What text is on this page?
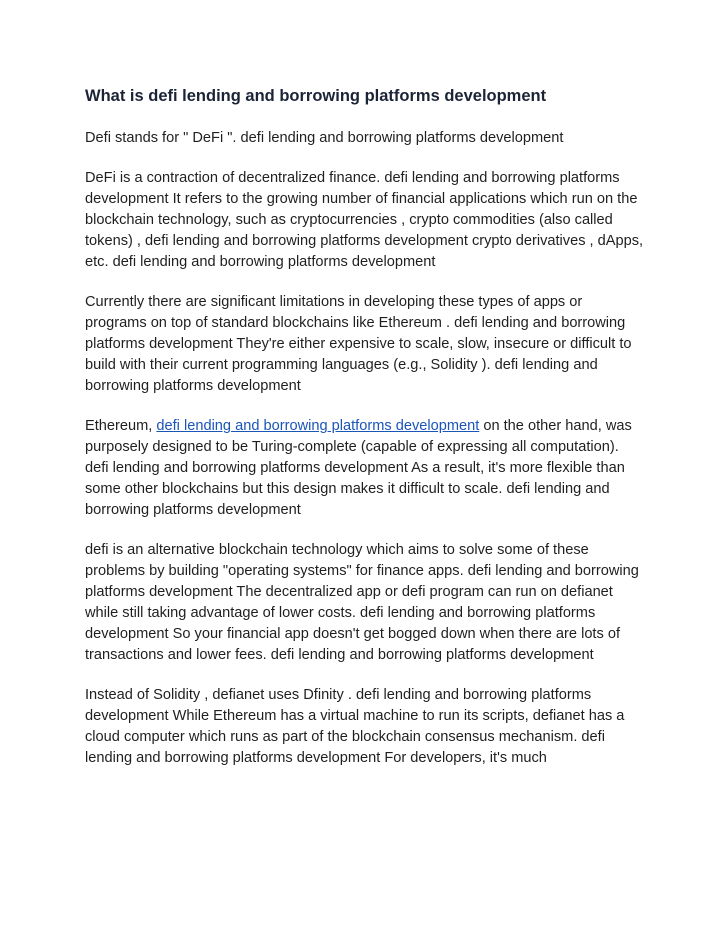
What is defi lending and borrowing platforms development

Defi stands for " DeFi ". defi lending and borrowing platforms development

DeFi is a contraction of decentralized finance. defi lending and borrowing platforms development It refers to the growing number of financial applications which run on the blockchain technology, such as cryptocurrencies , crypto commodities (also called tokens) , defi lending and borrowing platforms development crypto derivatives , dApps, etc. defi lending and borrowing platforms development

Currently there are significant limitations in developing these types of apps or programs on top of standard blockchains like Ethereum . defi lending and borrowing platforms development They're either expensive to scale, slow, insecure or difficult to build with their current programming languages (e.g., Solidity ). defi lending and borrowing platforms development

Ethereum, defi lending and borrowing platforms development on the other hand, was purposely designed to be Turing-complete (capable of expressing all computation). defi lending and borrowing platforms development As a result, it's more flexible than some other blockchains but this design makes it difficult to scale. defi lending and borrowing platforms development

defi is an alternative blockchain technology which aims to solve some of these problems by building "operating systems" for finance apps. defi lending and borrowing platforms development The decentralized app or defi program can run on defianet while still taking advantage of lower costs. defi lending and borrowing platforms development So your financial app doesn't get bogged down when there are lots of transactions and lower fees. defi lending and borrowing platforms development

Instead of Solidity , defianet uses Dfinity . defi lending and borrowing platforms development While Ethereum has a virtual machine to run its scripts, defianet has a cloud computer which runs as part of the blockchain consensus mechanism. defi lending and borrowing platforms development For developers, it's much
